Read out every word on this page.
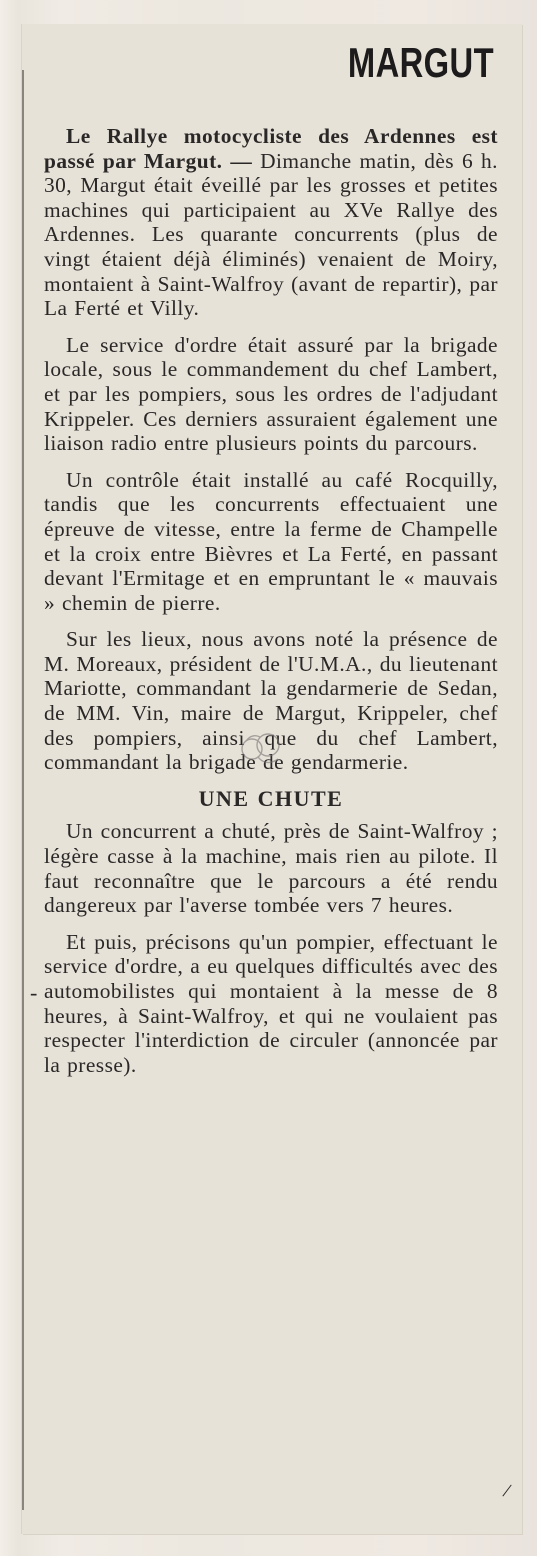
MARGUT

Le Rallye motocycliste des Ardennes est passé par Margut. — Dimanche matin, dès 6 h. 30, Margut était éveillé par les grosses et petites machines qui participaient au XVe Rallye des Ardennes. Les quarante concurrents (plus de vingt étaient déjà éliminés) venaient de Moiry, montaient à Saint-Walfroy (avant de repartir), par La Ferté et Villy.

Le service d'ordre était assuré par la brigade locale, sous le commandement du chef Lambert, et par les pompiers, sous les ordres de l'adjudant Krippeler. Ces derniers assuraient également une liaison radio entre plusieurs points du parcours.

Un contrôle était installé au café Rocquilly, tandis que les concurrents effectuaient une épreuve de vitesse, entre la ferme de Champelle et la croix entre Bièvres et La Ferté, en passant devant l'Ermitage et en empruntant le « mauvais » chemin de pierre.

Sur les lieux, nous avons noté la présence de M. Moreaux, président de l'U.M.A., du lieutenant Mariotte, commandant la gendarmerie de Sedan, de MM. Vin, maire de Margut, Krippeler, chef des pompiers, ainsi que du chef Lambert, commandant la brigade de gendarmerie.

UNE CHUTE

Un concurrent a chuté, près de Saint-Walfroy ; légère casse à la machine, mais rien au pilote. Il faut reconnaître que le parcours a été rendu dangereux par l'averse tombée vers 7 heures.

Et puis, précisons qu'un pompier, effectuant le service d'ordre, a eu quelques difficultés avec des automobilistes qui montaient à la messe de 8 heures, à Saint-Walfroy, et qui ne voulaient pas respecter l'interdiction de circuler (annoncée par la presse).

-
/
